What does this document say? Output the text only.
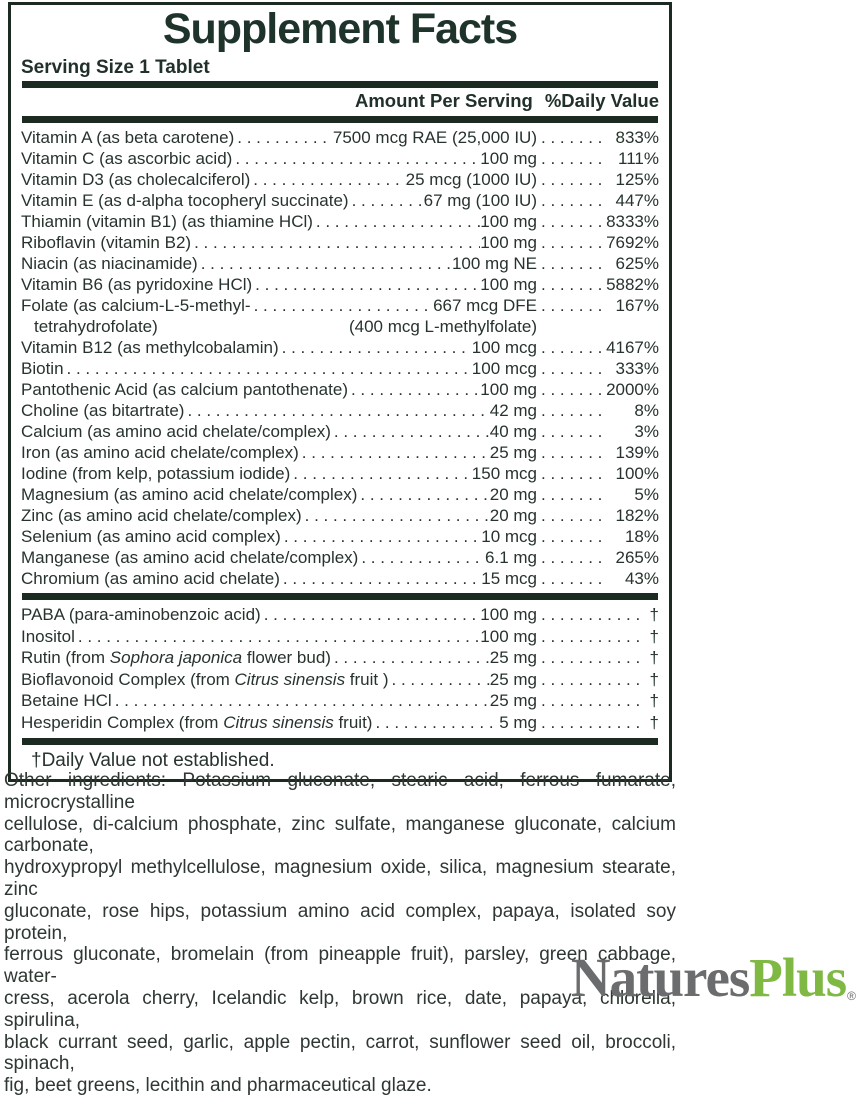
Supplement Facts
Serving Size 1 Tablet
Amount Per Serving %Daily Value
Vitamin A (as beta carotene) . . .	7500 mcg RAE (25,000 IU) . . .	833%
Vitamin C (as ascorbic acid) . . .	100 mg . . .	111%
Vitamin D3 (as cholecalciferol) . . .	25 mcg (1000 IU) . . .	125%
Vitamin E (as d-alpha tocopheryl succinate) . . .	67 mg (100 IU) . . .	447%
Thiamin (vitamin B1) (as thiamine HCl) . . .	100 mg . . .	8333%
Riboflavin (vitamin B2) . . .	100 mg . . .	7692%
Niacin (as niacinamide) . . .	100 mg NE . . .	625%
Vitamin B6 (as pyridoxine HCl) . . .	100 mg . . .	5882%
Folate (as calcium-L-5-methyl- . . .	667 mcg DFE . . .	167%
tetrahydrofolate)	(400 mcg L-methylfolate)
Vitamin B12 (as methylcobalamin) . . .	100 mcg . . .	4167%
Biotin . . .	100 mcg . . .	333%
Pantothenic Acid (as calcium pantothenate) . . .	100 mg . . .	2000%
Choline (as bitartrate) . . .	42 mg . . .	8%
Calcium (as amino acid chelate/complex) . . .	40 mg . . .	3%
Iron (as amino acid chelate/complex) . . .	25 mg . . .	139%
Iodine (from kelp, potassium iodide) . . .	150 mcg . . .	100%
Magnesium (as amino acid chelate/complex) . . .	20 mg . . .	5%
Zinc (as amino acid chelate/complex) . . .	20 mg . . .	182%
Selenium (as amino acid complex) . . .	10 mcg . . .	18%
Manganese (as amino acid chelate/complex) . . .	6.1 mg . . .	265%
Chromium (as amino acid chelate) . . .	15 mcg . . .	43%
PABA (para-aminobenzoic acid) . . .	100 mg . . .	†
Inositol . . .	100 mg . . .	†
Rutin (from Sophora japonica flower bud) . . .	25 mg . . .	†
Bioflavonoid Complex (from Citrus sinensis fruit ) . . .	25 mg . . .	†
Betaine HCl . . .	25 mg . . .	†
Hesperidin Complex (from Citrus sinensis fruit) . . .	5 mg . . .	†
†Daily Value not established.
Other ingredients: Potassium gluconate, stearic acid, ferrous fumarate, microcrystalline
cellulose, di-calcium phosphate, zinc sulfate, manganese gluconate, calcium carbonate,
hydroxypropyl methylcellulose, magnesium oxide, silica, magnesium stearate, zinc
gluconate, rose hips, potassium amino acid complex, papaya, isolated soy protein,
ferrous gluconate, bromelain (from pineapple fruit), parsley, green cabbage, water-
cress, acerola cherry, Icelandic kelp, brown rice, date, papaya, chlorella, spirulina,
black currant seed, garlic, apple pectin, carrot, sunflower seed oil, broccoli, spinach,
fig, beet greens, lecithin and pharmaceutical glaze.
NaturesPlus®
